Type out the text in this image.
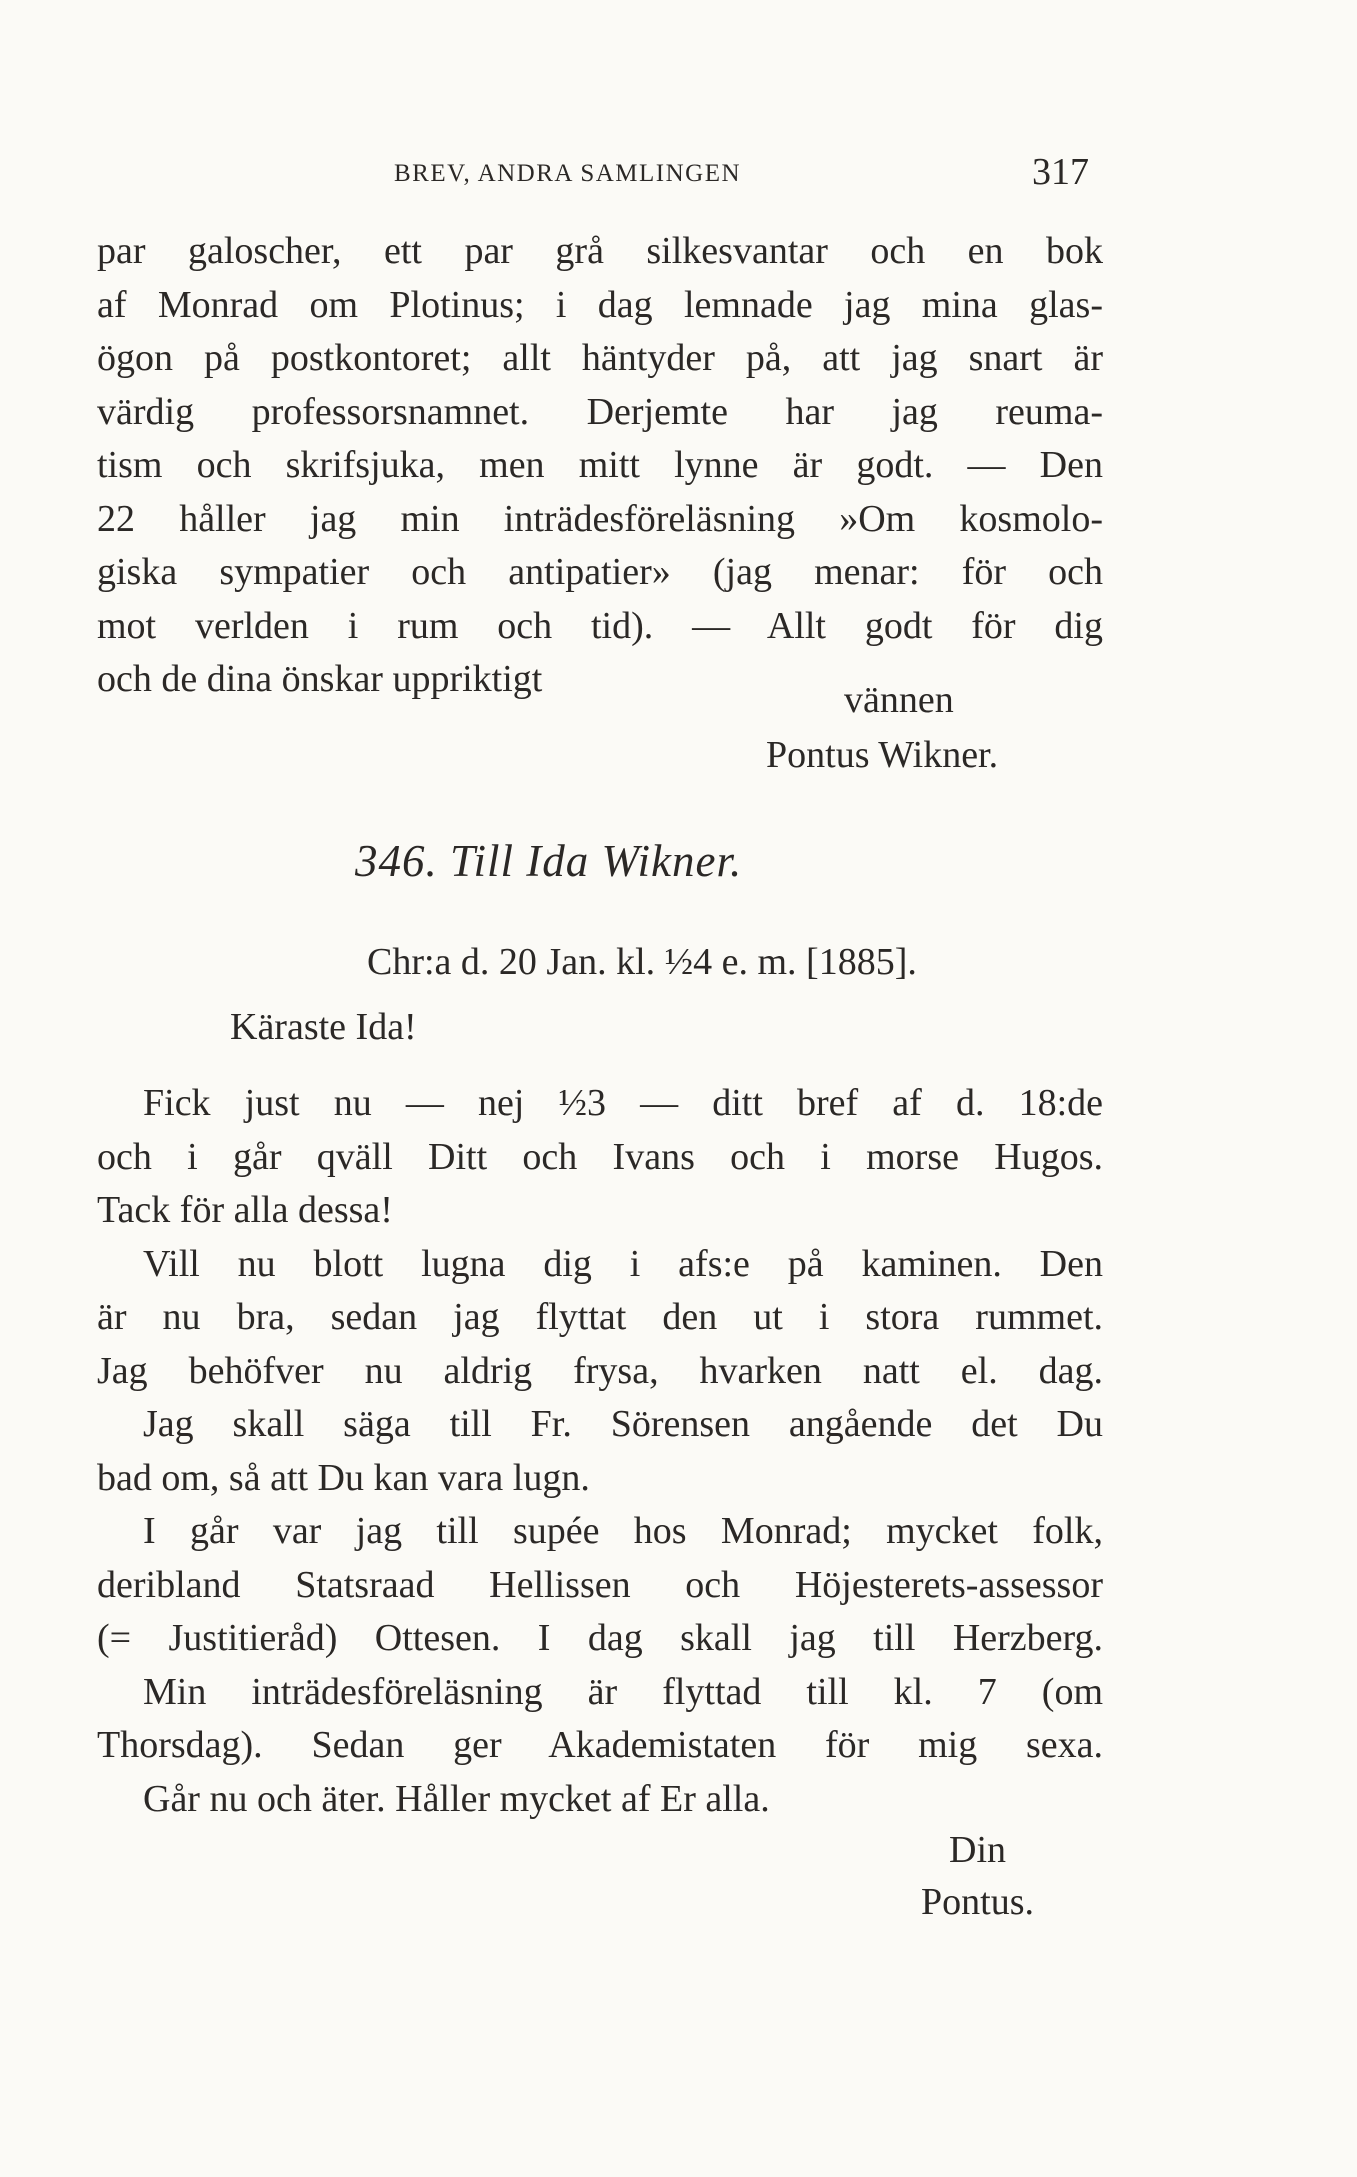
BREV, ANDRA SAMLINGEN	317
par galoscher, ett par grå silkesvantar och en bok
af Monrad om Plotinus; i dag lemnade jag mina glas-
ögon på postkontoret; allt häntyder på, att jag snart är
värdig professorsnamnet. Derjemte har jag reuma-
tism och skrifsjuka, men mitt lynne är godt. — Den
22 håller jag min inträdesföreläsning »Om kosmolo-
giska sympatier och antipatier» (jag menar: för och
mot verlden i rum och tid). — Allt godt för dig
och de dina önskar uppriktigt	vännen
Pontus Wikner.
346. Till Ida Wikner.
Chr:a d. 20 Jan. kl. ½4 e. m. [1885].
Käraste Ida!
Fick just nu — nej ½3 — ditt bref af d. 18:de
och i går qväll Ditt och Ivans och i morse Hugos.
Tack för alla dessa!
Vill nu blott lugna dig i afs:e på kaminen. Den
är nu bra, sedan jag flyttat den ut i stora rummet.
Jag behöfver nu aldrig frysa, hvarken natt el. dag.
Jag skall säga till Fr. Sörensen angående det Du
bad om, så att Du kan vara lugn.
I går var jag till supée hos Monrad; mycket folk,
deribland Statsraad Hellissen och Höjesterets-assessor
(= Justitieråd) Ottesen. I dag skall jag till Herzberg.
Min inträdesföreläsning är flyttad till kl. 7 (om
Thorsdag). Sedan ger Akademistaten för mig sexa.
Går nu och äter. Håller mycket af Er alla.
Din
Pontus.
